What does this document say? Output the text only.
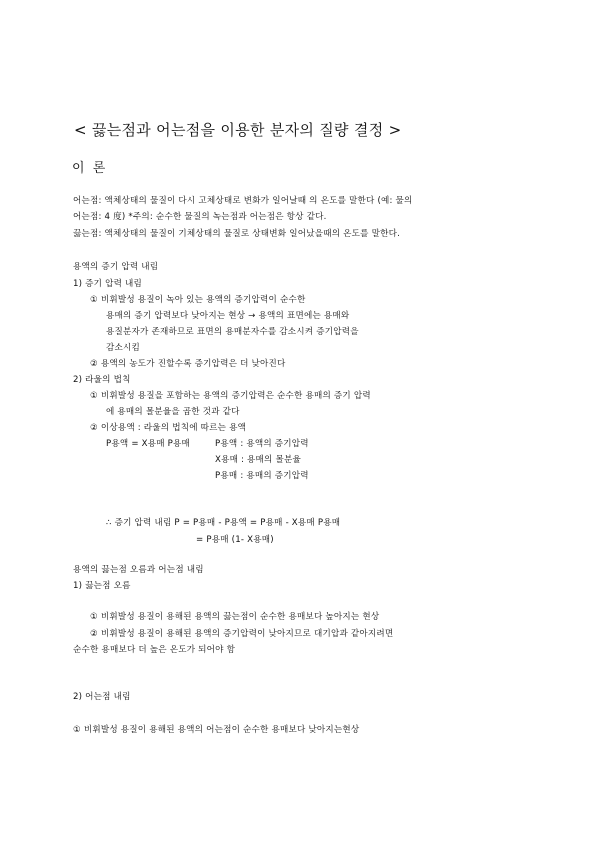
< 끓는점과 어는점을 이용한 분자의 질량 결정 >
이 론
어는점: 액체상태의 물질이 다시 고체상태로 변화가 일어날때 의 온도를 말한다 (예: 물의
어는점: 4 度) *주의: 순수한 물질의 녹는점과 어는점은 항상 같다.
끓는점: 액체상태의 물질이 기체상태의 물질로 상태변화 일어났을때의 온도를 말한다.
용액의 증기 압력 내림
1) 증기 압력 내림
① 비휘발성 용질이 녹아 있는 용액의 증기압력이 순수한
용매의 증기 압력보다 낮아지는 현상 → 용액의 표면에는 용매와
용질분자가 존재하므로 표면의 용매분자수를 감소시켜 증기압력을
감소시킴
② 용액의 농도가 진할수록 증기압력은 더 낮아진다
2) 라울의 법칙
① 비휘발성 용질을 포함하는 용액의 증기압력은 순수한 용매의 증기 압력
에 용매의 몰분율을 곱한 것과 같다
② 이상용액 : 라울의 법칙에 따르는 용액
P용액 = X용매 P용매	P용액 : 용액의 증기압력
X용매 : 용매의 몰분율
P용매 : 용매의 증기압력
∴ 증기 압력 내림 P = P용매 - P용액 = P용매 - X용매 P용매
= P용매 (1- X용매)
용액의 끓는점 오름과 어는점 내림
1) 끓는점 오름
① 비휘발성 용질이 용해된 용액의 끓는점이 순수한 용매보다 높아지는 현상
② 비휘발성 용질이 용해된 용액의 증기압력이 낮아지므로 대기압과 같아지려면
순수한 용매보다 더 높은 온도가 되어야 함
2) 어는점 내림
① 비휘발성 용질이 용해된 용액의 어는점이 순수한 용매보다 낮아지는현상
